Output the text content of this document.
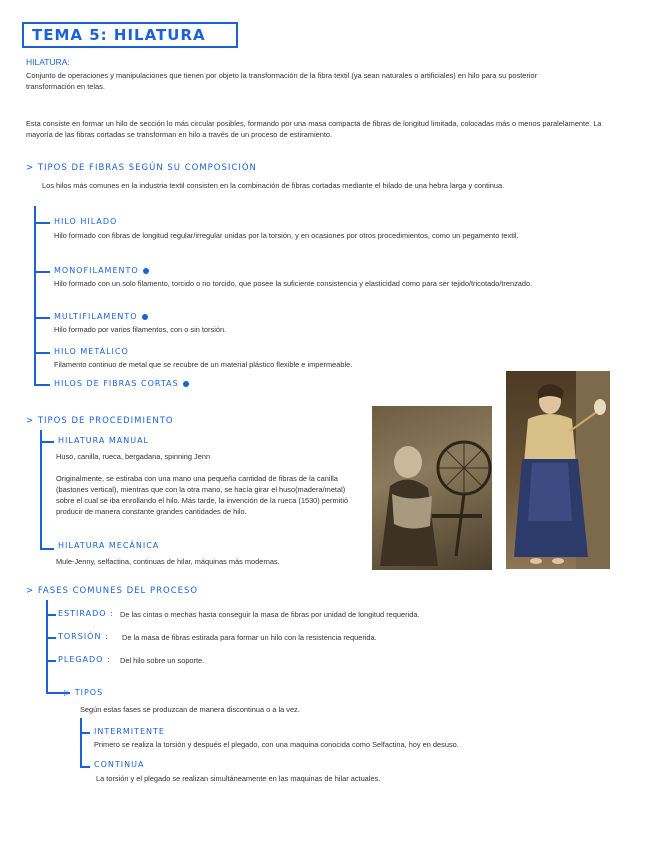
TEMA 5: HILATURA
HILATURA:
Conjunto de operaciones y manipulaciones que tienen por objeto la transformación de la fibra textil (ya sean naturales o artificiales) en hilo para su posterior transformación en telas.
Esta consiste en formar un hilo de sección lo más circular posibles, formando por una masa compacta de fibras de longitud limitada, colocadas más o menos paralelamente. La mayoría de las fibras cortadas se transforman en hilo a través de un proceso de estiramiento.
> TIPOS DE FIBRAS SEGÚN SU COMPOSICIÓN
Los hilos más comunes en la industria textil consisten en la combinación de fibras cortadas mediante el hilado de una hebra larga y continua.
HILO HILADO
Hilo formado con fibras de longitud regular/irregular unidas por la torsión, y en ocasiones por otros procedimientos, como un pegamento textil.
MONOFILAMENTO
Hilo formado con un solo filamento, torcido o no torcido, que posee la suficiente consistencia y elasticidad como para ser tejido/tricotado/trenzado.
MULTIFILAMENTO
Hilo formado por varios filamentos, con o sin torsión.
HILO METÁLICO
Filamento continuo de metal que se recubre de un material plástico flexible e impermeable.
HILOS DE FIBRAS CORTAS
> TIPOS DE PROCEDIMIENTO
HILATURA MANUAL
Huso, canilla, rueca, bergadana, spinning Jenn
Originalmente, se estiraba con una mano una pequeña cantidad de fibras de la canilla (bastones vertical), mientras que con la otra mano, se hacía girar el huso(madera/metal) sobre el cual se iba enrollando el hilo. Más tarde, la invención de la rueca (1530) permitió producir de manera constante grandes cantidades de hilo.
HILATURA MECÁNICA
Mule-Jenny, selfactina, continuas de hilar, máquinas más modernas.
> FASES COMUNES DEL PROCESO
ESTIRADO : De las cintas o mechas hasta conseguir la masa de fibras por unidad de longitud requerida.
TORSIÓN : De la masa de fibras estirada para formar un hilo con la resistencia requerida.
PLEGADO : Del hilo sobre un soporte.
▷ TIPOS
Según estas fases se produzcan de manera discontinua o a la vez.
INTERMITENTE
Primero se realiza la torsión y después el plegado, con una maquina conocida como Selfactina, hoy en desuso.
CONTINUA
La torsión y el plegado se realizan simultáneamente en las maquinas de hilar actuales.
